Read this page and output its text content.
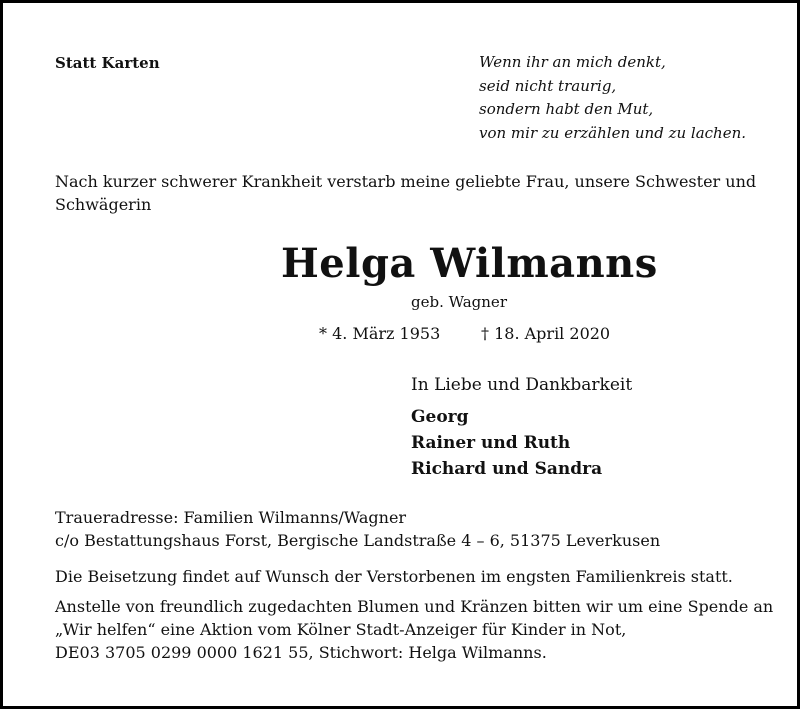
Statt Karten	Wenn ihr an mich denkt,
seid nicht traurig,
sondern habt den Mut,
von mir zu erzählen und zu lachen.
Nach kurzer schwerer Krankheit verstarb meine geliebte Frau, unsere Schwester und
Schwägerin
Helga Wilmanns
geb. Wagner
* 4. März 1953	† 18. April 2020
In Liebe und Dankbarkeit
Georg
Rainer und Ruth
Richard und Sandra
Traueradresse: Familien Wilmanns/Wagner
c/o Bestattungshaus Forst, Bergische Landstraße 4 – 6, 51375 Leverkusen
Die Beisetzung findet auf Wunsch der Verstorbenen im engsten Familienkreis statt.
Anstelle von freundlich zugedachten Blumen und Kränzen bitten wir um eine Spende an
„Wir helfen“ eine Aktion vom Kölner Stadt-Anzeiger für Kinder in Not,
DE03 3705 0299 0000 1621 55, Stichwort: Helga Wilmanns.
